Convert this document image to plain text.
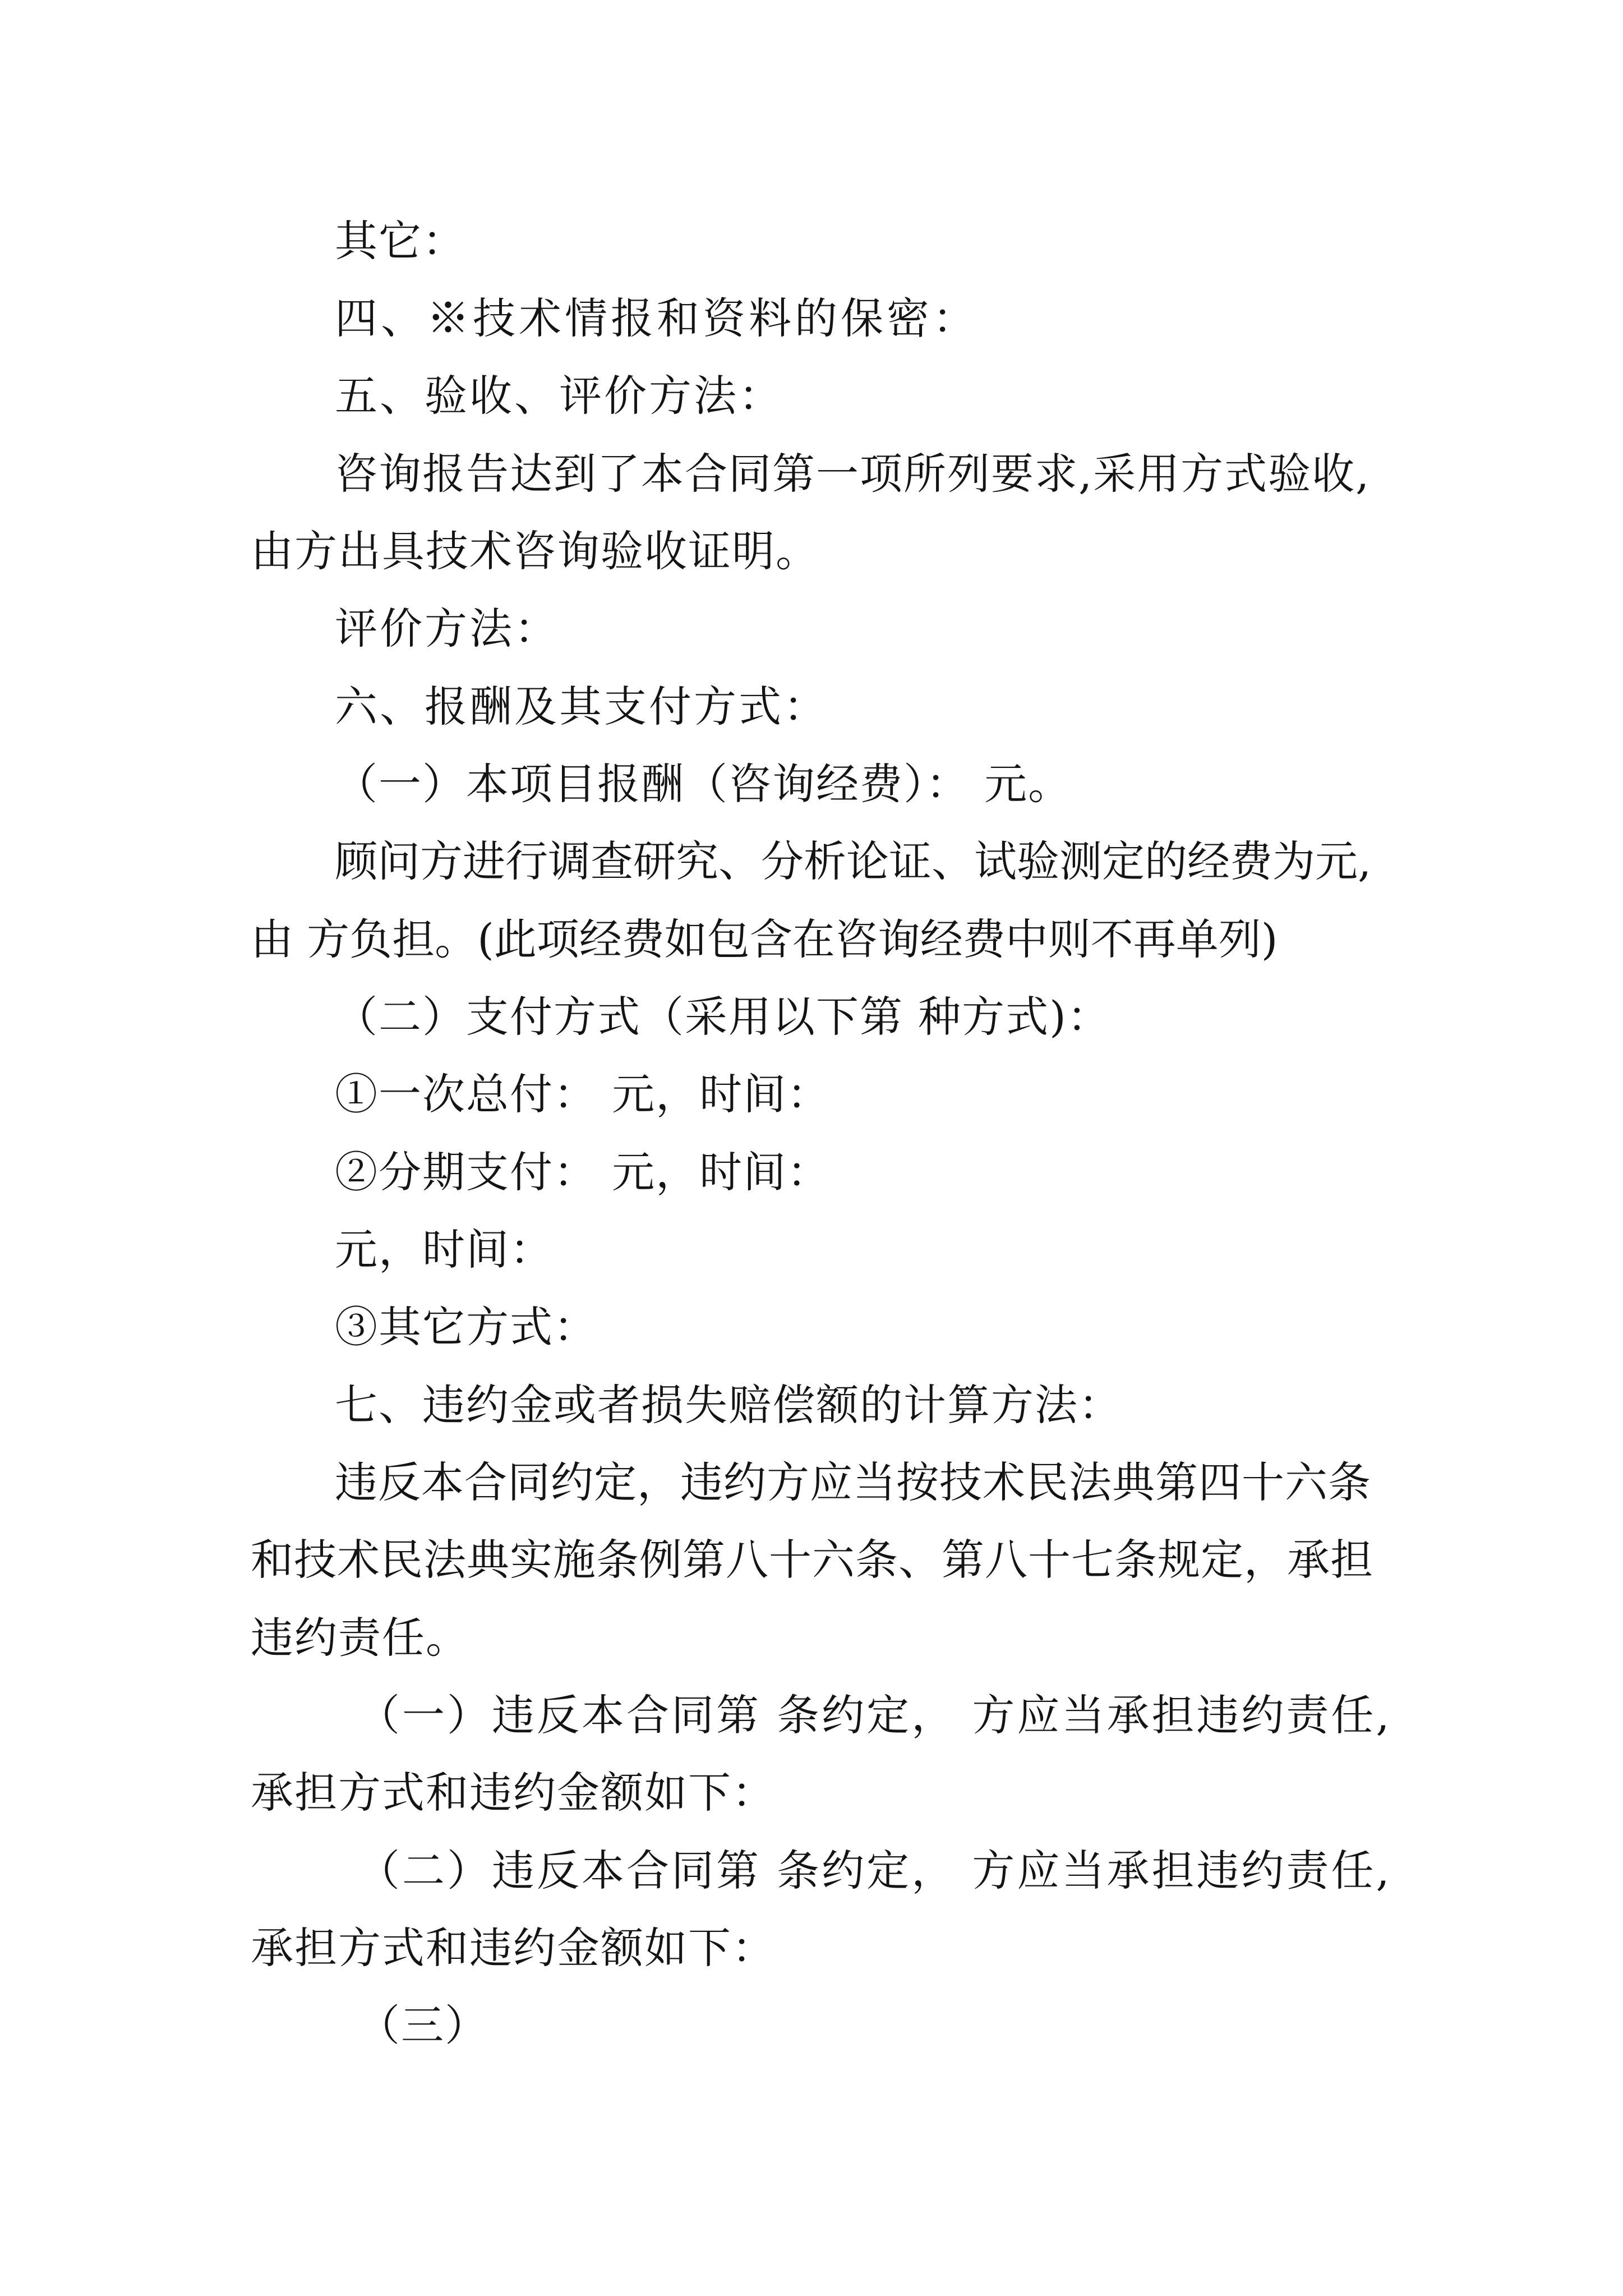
其它：
四、※技术情报和资料的保密：
五、验收、评价方法：
咨询报告达到了本合同第一项所列要求,采用方式验收,
由方出具技术咨询验收证明。
评价方法：
六、报酬及其支付方式：
（一）本项目报酬（咨询经费）： 元。
顾问方进行调查研究、分析论证、试验测定的经费为元,
由 方负担。(此项经费如包含在咨询经费中则不再单列)
（二）支付方式（采用以下第 种方式)：
①一次总付： 元，时间：
②分期支付： 元，时间：
元，时间：
③其它方式：
七、违约金或者损失赔偿额的计算方法：
违反本合同约定，违约方应当按技术民法典第四十六条
和技术民法典实施条例第八十六条、第八十七条规定，承担
违约责任。
（一）违反本合同第 条约定， 方应当承担违约责任,
承担方式和违约金额如下：
（二）违反本合同第 条约定， 方应当承担违约责任,
承担方式和违约金额如下：
（三）
